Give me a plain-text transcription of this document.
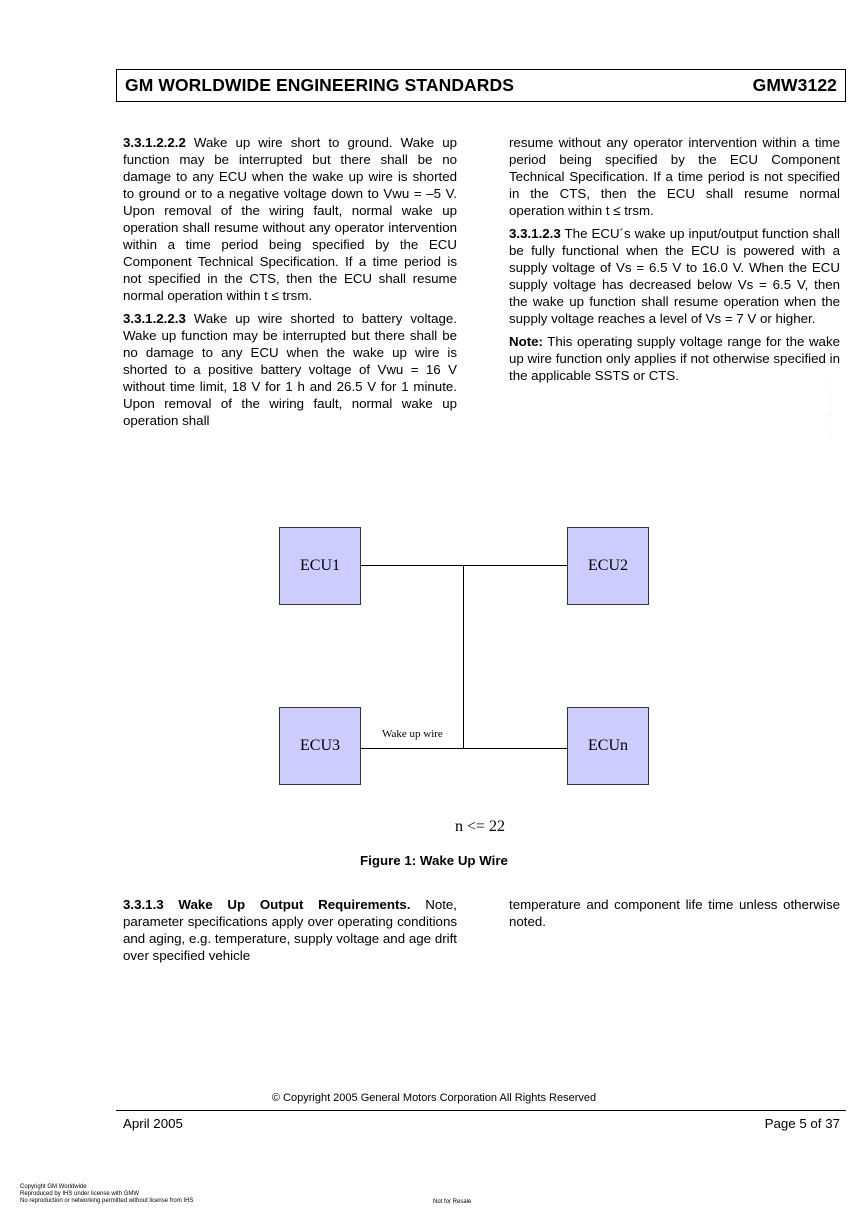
GM WORLDWIDE ENGINEERING STANDARDS	GMW3122

3.3.1.2.2.2 Wake up wire short to ground. Wake up function may be interrupted but there shall be no damage to any ECU when the wake up wire is shorted to ground or to a negative voltage down to Vwu = –5 V. Upon removal of the wiring fault, normal wake up operation shall resume without any operator intervention within a time period being specified by the ECU Component Technical Specification. If a time period is not specified in the CTS, then the ECU shall resume normal operation within t ≤ trsm.

3.3.1.2.2.3 Wake up wire shorted to battery voltage. Wake up function may be interrupted but there shall be no damage to any ECU when the wake up wire is shorted to a positive battery voltage of Vwu = 16 V without time limit, 18 V for 1 h and 26.5 V for 1 minute. Upon removal of the wiring fault, normal wake up operation shall

resume without any operator intervention within a time period being specified by the ECU Component Technical Specification. If a time period is not specified in the CTS, then the ECU shall resume normal operation within t ≤ trsm.

3.3.1.2.3 The ECU´s wake up input/output function shall be fully functional when the ECU is powered with a supply voltage of Vs = 6.5 V to 16.0 V. When the ECU supply voltage has decreased below Vs = 6.5 V, then the wake up function shall resume operation when the supply voltage reaches a level of Vs = 7 V or higher.

Note: This operating supply voltage range for the wake up wire function only applies if not otherwise specified in the applicable SSTS or CTS.

:
:
:
:
:
:
ECU1	ECU2
ECU3	ECUn
Wake up wire
n <= 22
Figure 1: Wake Up Wire

3.3.1.3 Wake Up Output Requirements. Note, parameter specifications apply over operating conditions and aging, e.g. temperature, supply voltage and age drift over specified vehicle

temperature and component life time unless otherwise noted.

© Copyright 2005 General Motors Corporation All Rights Reserved
April 2005	Page 5 of 37
Copyright GM Worldwide
Reproduced by IHS under license with GMW
No reproduction or networking permitted without license from IHS	Not for Resale
